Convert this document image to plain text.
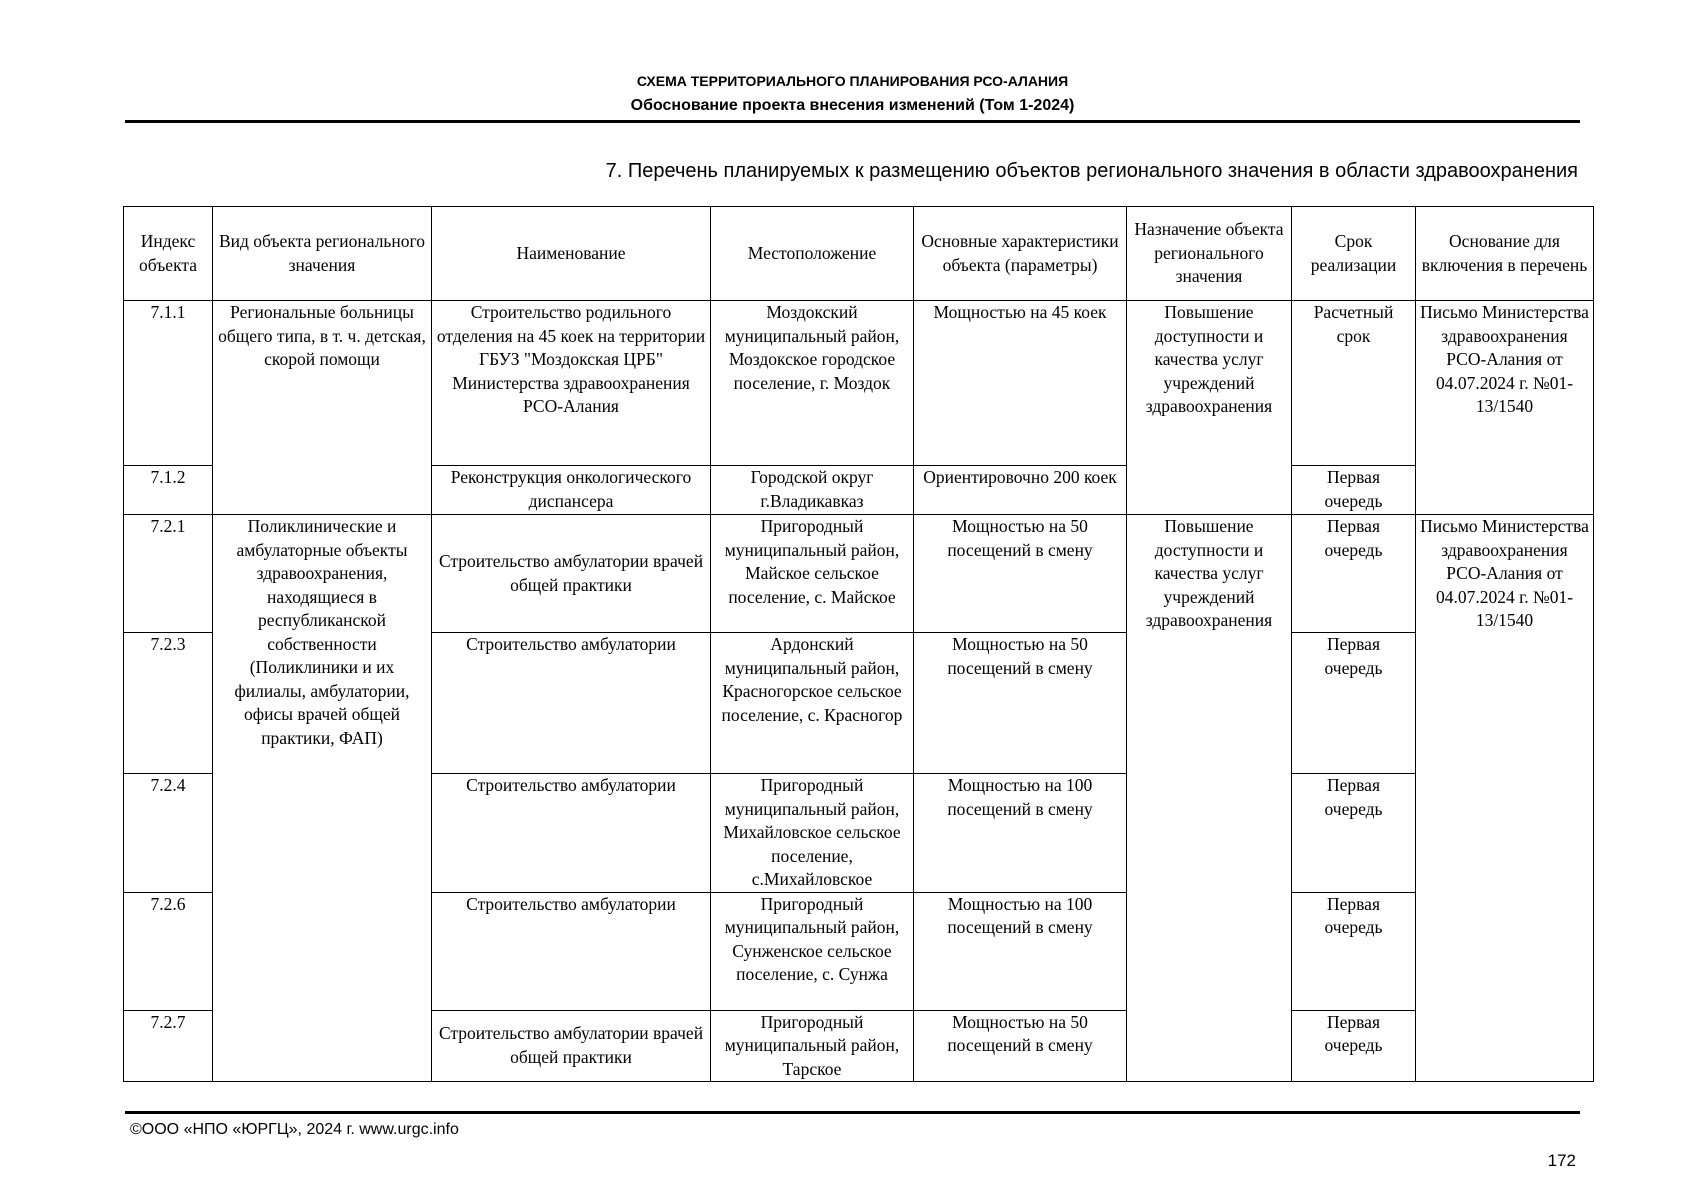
СХЕМА ТЕРРИТОРИАЛЬНОГО ПЛАНИРОВАНИЯ РСО-АЛАНИЯ
Обоснование проекта внесения изменений (Том 1-2024)
7. Перечень планируемых к размещению объектов регионального значения в области здравоохранения
Индекс объекта	Вид объекта регионального значения	Наименование	Местоположение	Основные характеристики объекта (параметры)	Назначение объекта регионального значения	Срок реализации	Основание для включения в перечень
7.1.1	Региональные больницы общего типа, в т. ч. детская, скорой помощи	Строительство родильного отделения на 45 коек на территории ГБУЗ "Моздокская ЦРБ" Министерства здравоохранения РСО-Алания	Моздокский муниципальный район, Моздокское городское поселение, г. Моздок	Мощностью на 45 коек	Повышение доступности и качества услуг учреждений здравоохранения	Расчетный срок	Письмо Министерства здравоохранения РСО-Алания от 04.07.2024 г. №01-13/1540
7.1.2		Реконструкция онкологического диспансера	Городской округ г.Владикавказ	Ориентировочно 200 коек		Первая очередь	
7.2.1	Поликлинические и амбулаторные объекты здравоохранения, находящиеся в республиканской собственности (Поликлиники и их филиалы, амбулатории, офисы врачей общей практики, ФАП)	Строительство амбулатории врачей общей практики	Пригородный муниципальный район, Майское сельское поселение, с. Майское	Мощностью на 50 посещений в смену	Повышение доступности и качества услуг учреждений здравоохранения	Первая очередь	Письмо Министерства здравоохранения РСО-Алания от 04.07.2024 г. №01-13/1540
7.2.3		Строительство амбулатории	Ардонский муниципальный район, Красногорское сельское поселение, с. Красногор	Мощностью на 50 посещений в смену		Первая очередь	
7.2.4		Строительство амбулатории	Пригородный муниципальный район, Михайловское сельское поселение, с.Михайловское	Мощностью на 100 посещений в смену		Первая очередь	
7.2.6		Строительство амбулатории	Пригородный муниципальный район, Сунженское сельское поселение, с. Сунжа	Мощностью на 100 посещений в смену		Первая очередь	
7.2.7		Строительство амбулатории врачей общей практики	Пригородный муниципальный район, Тарское	Мощностью на 50 посещений в смену		Первая очередь	
©ООО «НПО «ЮРГЦ», 2024 г. www.urgc.info
172
